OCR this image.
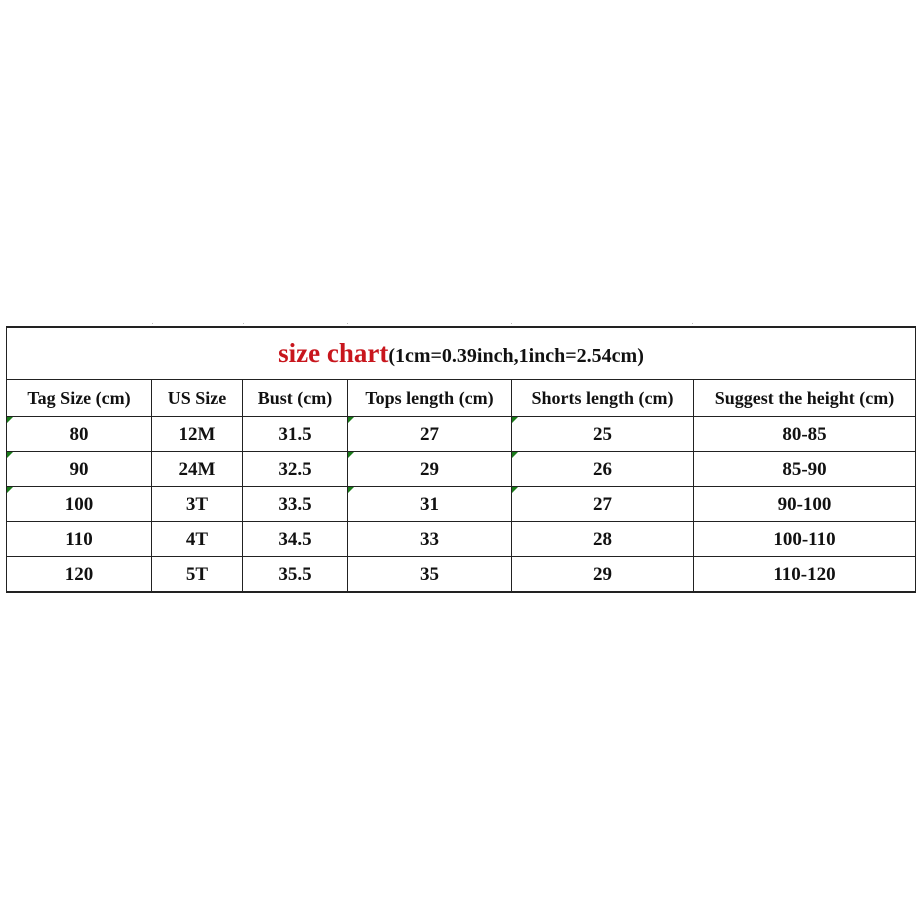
size chart(1cm=0.39inch,1inch=2.54cm)					
Tag Size (cm)	US Size	Bust (cm)	Tops length (cm)	Shorts length (cm)	Suggest the height (cm)

80	12M	31.5	27	25	80-85

90	24M	32.5	29	26	85-90

100	3T	33.5	31	27	90-100
110	4T	34.5	33	28	100-110
120	5T	35.5	35	29	110-120
